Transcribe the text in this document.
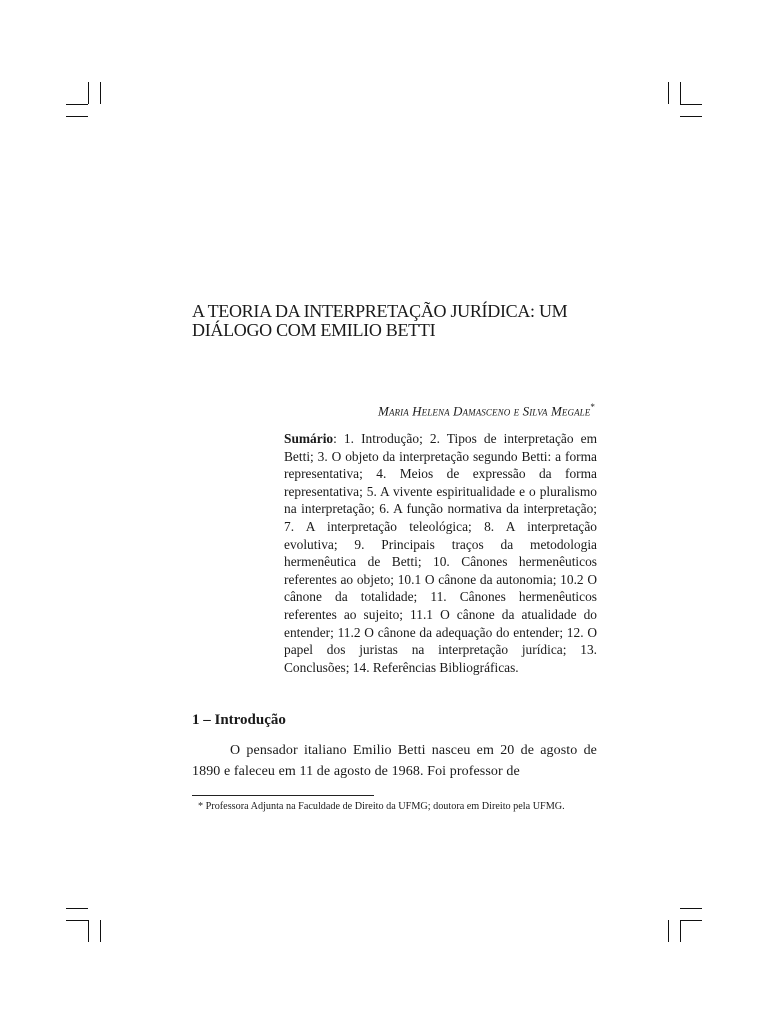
A TEORIA DA INTERPRETAÇÃO JURÍDICA: UM
DIÁLOGO COM EMILIO BETTI
Maria Helena Damasceno e Silva Megale*

Sumário: 1. Introdução; 2. Tipos de interpretação em Betti; 3. O objeto da interpretação segundo Betti: a forma representativa; 4. Meios de expressão da forma representativa; 5. A vivente espiritualidade e o pluralismo na interpretação; 6. A função normativa da interpretação; 7. A interpretação teleológica; 8. A interpretação evolutiva; 9. Principais traços da metodologia hermenêutica de Betti; 10. Cânones hermenêuticos referentes ao objeto; 10.1 O cânone da autonomia; 10.2 O cânone da totalidade; 11. Cânones hermenêuticos referentes ao sujeito; 11.1 O cânone da atualidade do entender; 11.2 O cânone da adequação do entender; 12. O papel dos juristas na interpretação jurídica; 13. Conclusões; 14. Referências Bibliográficas.

1 – Introdução

O pensador italiano Emilio Betti nasceu em 20 de agosto de 1890 e faleceu em 11 de agosto de 1968. Foi professor de

* Professora Adjunta na Faculdade de Direito da UFMG; doutora em Direito pela UFMG.
